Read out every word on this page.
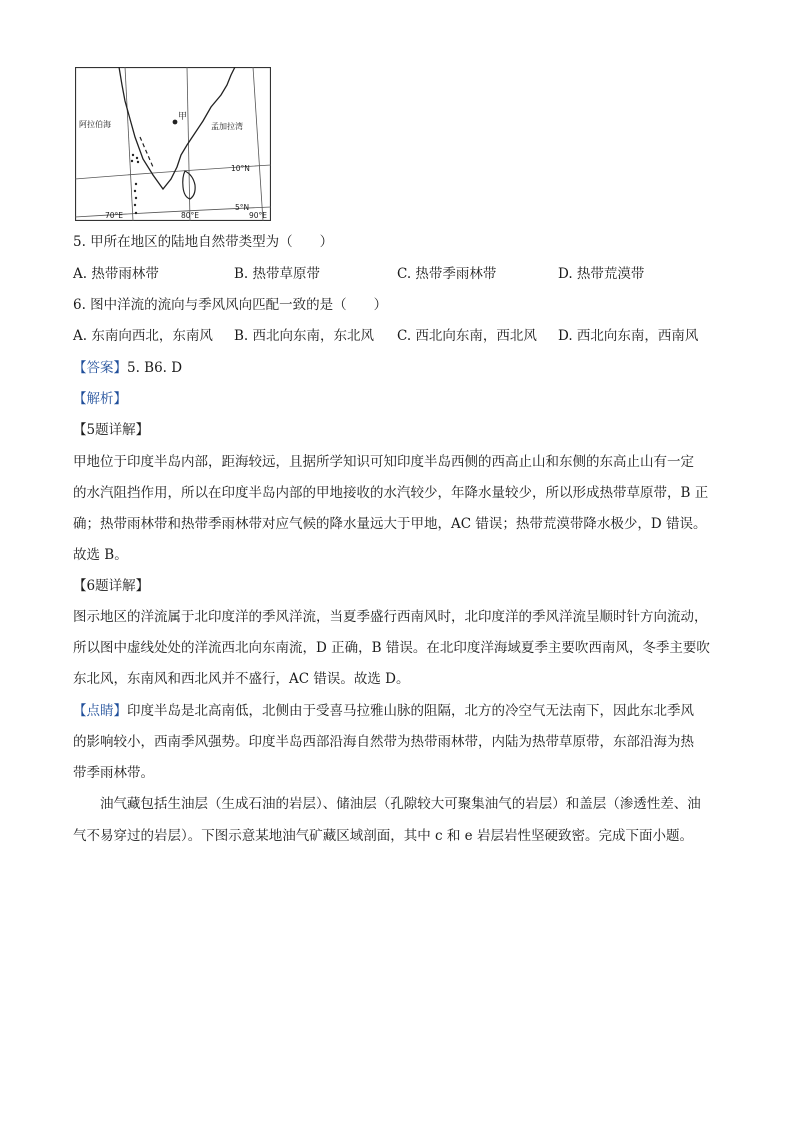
甲
阿拉伯海	孟加拉湾
10°N
5°N
70°E	80°E	90°E
5. 甲所在地区的陆地自然带类型为（　　）
A. 热带雨林带	B. 热带草原带	C. 热带季雨林带	D. 热带荒漠带
6. 图中洋流的流向与季风风向匹配一致的是（　　）
A. 东南向西北，东南风 B. 西北向东南，东北风 C. 西北向东南，西北风 D. 西北向东南，西南风
【答案】5. B6. D
【解析】
【5题详解】
甲地位于印度半岛内部，距海较远，且据所学知识可知印度半岛西侧的西高止山和东侧的东高止山有一定
的水汽阻挡作用，所以在印度半岛内部的甲地接收的水汽较少，年降水量较少，所以形成热带草原带，B 正
确；热带雨林带和热带季雨林带对应气候的降水量远大于甲地，AC 错误；热带荒漠带降水极少，D 错误。
故选 B。
【6题详解】
图示地区的洋流属于北印度洋的季风洋流，当夏季盛行西南风时，北印度洋的季风洋流呈顺时针方向流动，
所以图中虚线处处的洋流西北向东南流，D 正确，B 错误。在北印度洋海域夏季主要吹西南风，冬季主要吹
东北风，东南风和西北风并不盛行，AC 错误。故选 D。
【点睛】印度半岛是北高南低，北侧由于受喜马拉雅山脉的阻隔，北方的冷空气无法南下，因此东北季风
的影响较小，西南季风强势。印度半岛西部沿海自然带为热带雨林带，内陆为热带草原带，东部沿海为热
带季雨林带。
油气藏包括生油层（生成石油的岩层）、储油层（孔隙较大可聚集油气的岩层）和盖层（渗透性差、油
气不易穿过的岩层）。下图示意某地油气矿藏区域剖面，其中 c 和 e 岩层岩性坚硬致密。完成下面小题。
